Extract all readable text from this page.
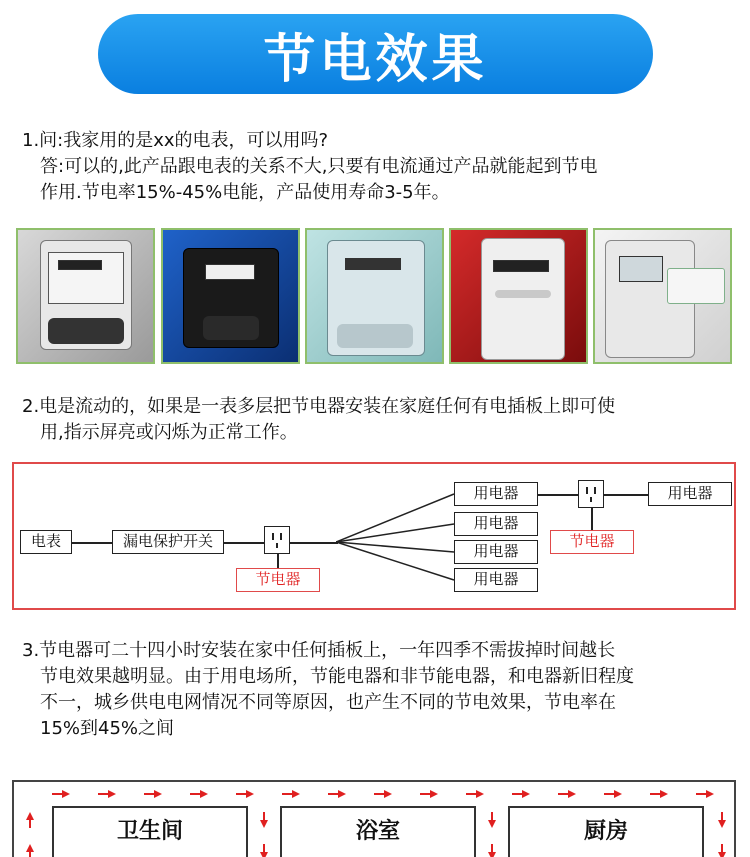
节电效果
1.问:我家用的是xx的电表，可以用吗?
答:可以的,此产品跟电表的关系不大,只要有电流通过产品就能起到节电
作用.节电率15%-45%电能，产品使用寿命3-5年。
2.电是流动的，如果是一表多层把节电器安装在家庭任何有电插板上即可使
用,指示屏亮或闪烁为正常工作。
电表	漏电保护开关
节电器
用电器
用电器
用电器
用电器
节电器
用电器
3.节电器可二十四小时安装在家中任何插板上，一年四季不需拔掉时间越长
节电效果越明显。由于用电场所，节能电器和非节能电器，和电器新旧程度
不一，城乡供电电网情况不同等原因，也产生不同的节电效果，节电率在
15%到45%之间
卫生间	浴室	厨房
